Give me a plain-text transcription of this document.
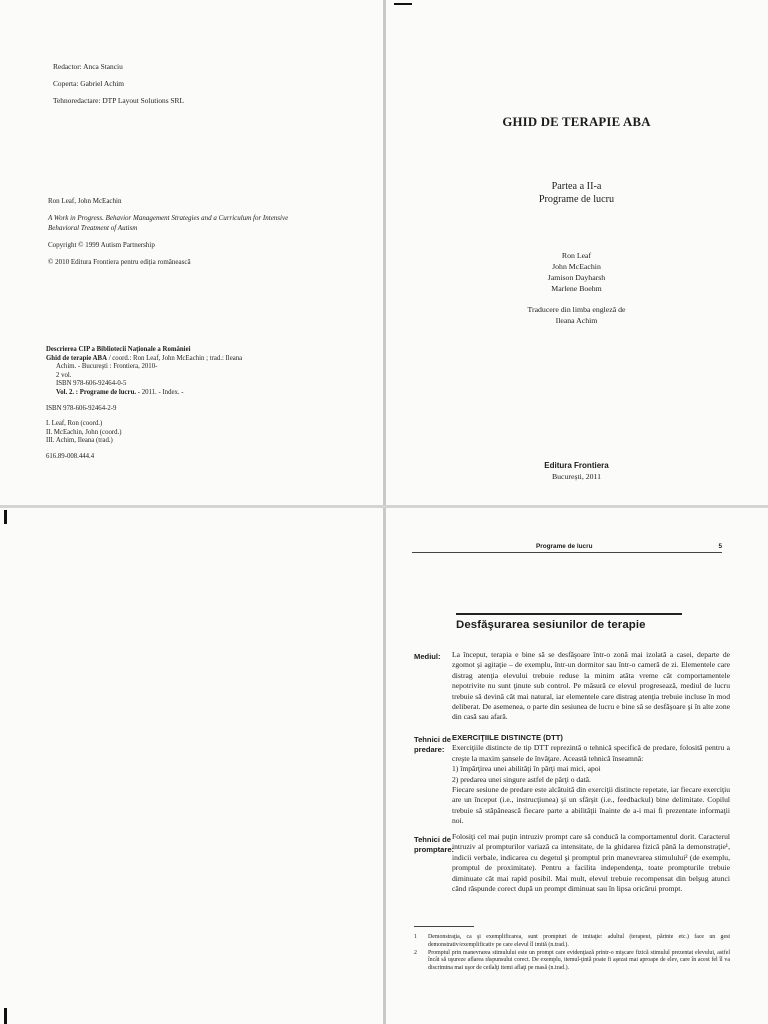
Redactor: Anca Stanciu
Coperta: Gabriel Achim
Tehnoredactare: DTP Layout Solutions SRL
Ron Leaf, John McEachin
A Work in Progress. Behavior Management Strategies and a Curriculum for Intensive Behavioral Treatment of Autism
Copyright © 1999 Autism Partnership
© 2010 Editura Frontiera pentru ediția românească
Descrierea CIP a Bibliotecii Naţionale a României
Ghid de terapie ABA / coord.: Ron Leaf, John McEachin ; trad.: Ileana
Achim. - Bucureşti : Frontiera, 2010-
2 vol.
ISBN 978-606-92464-0-5
Vol. 2. : Programe de lucru. - 2011. - Index. -
ISBN 978-606-92464-2-9
I. Leaf, Ron (coord.)
II. McEachin, John (coord.)
III. Achim, Ileana (trad.)
616.89-008.444.4
GHID DE TERAPIE ABA
Partea a II-a
Programe de lucru
Ron Leaf
John McEachin
Jamison Dayharsh
Marlene Boehm
Traducere din limba engleză de
Ileana Achim
Editura Frontiera
București, 2011
Programe de lucru	5
Desfăşurarea sesiunilor de terapie
Mediul: La început, terapia e bine să se desfăşoare într-o zonă mai izolată a casei, departe de zgomot şi agitaţie – de exemplu, într-un dormitor sau într-o cameră de zi. Elementele care distrag atenţia elevului trebuie reduse la minim atâta vreme cât comportamentele nepotrivite nu sunt ţinute sub control. Pe măsură ce elevul progresează, mediul de lucru trebuie să devină cât mai natural, iar elementele care distrag atenţia trebuie incluse în mod deliberat. De asemenea, o parte din sesiunea de lucru e bine să se desfăşoare şi în alte zone din casă sau afară.

Tehnici de
predare:
EXERCIŢIILE DISTINCTE (DTT)

Exerciţiile distincte de tip DTT reprezintă o tehnică specifică de predare, folosită pentru a creşte la maxim şansele de învăţare. Această tehnică înseamnă:

1) împărţirea unei abilităţi în părţi mai mici, apoi
2) predarea unei singure astfel de părţi o dată.

Fiecare sesiune de predare este alcătuită din exerciţii distincte repetate, iar fiecare exerciţiu are un început (i.e., instrucţiunea) şi un sfârşit (i.e., feedbackul) bine delimitate. Copilul trebuie să stăpânească fiecare parte a abilităţii înainte de a-i mai fi prezentate informaţii noi.

Tehnici de
promptare:

Folosiţi cel mai puţin intruziv prompt care să conducă la comportamentul dorit. Caracterul intruziv al prompturilor variază ca intensitate, de la ghidarea fizică până la demonstraţie¹, indicii verbale, indicarea cu degetul şi promptul prin manevrarea stimulului² (de exemplu, promptul de proximitate). Pentru a facilita independenţa, toate prompturile trebuie diminuate cât mai rapid posibil. Mai mult, elevul trebuie recompensat din belşug atunci când răspunde corect după un prompt diminuat sau în lipsa oricărui prompt.

1	Demonstraţia, ca şi exemplificarea, sunt prompturi de imitaţie: adultul (terapeut, părinte etc.) face un gest demonstrativ/exemplificativ pe care elevul îl imită (n.trad.).
2	Promptul prin manevrarea stimulului este un prompt care evidenţiază printr-o mişcare fizică stimulul prezentat elevului, astfel încât să uşureze aflarea răspunsului corect. De exemplu, itemul-ţintă poate fi aşezat mai aproape de elev, care în acest fel îl va discrimina mai uşor de ceilalţi itemi aflaţi pe masă (n.trad.).
